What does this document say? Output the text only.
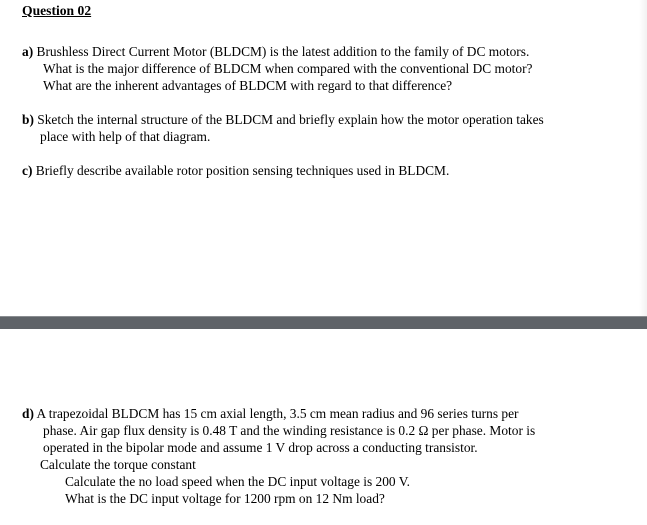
Question 02
a) Brushless Direct Current Motor (BLDCM) is the latest addition to the family of DC motors.
What is the major difference of BLDCM when compared with the conventional DC motor?
What are the inherent advantages of BLDCM with regard to that difference?
b) Sketch the internal structure of the BLDCM and briefly explain how the motor operation takes
place with help of that diagram.
c) Briefly describe available rotor position sensing techniques used in BLDCM.
d) A trapezoidal BLDCM has 15 cm axial length, 3.5 cm mean radius and 96 series turns per
phase. Air gap flux density is 0.48 T and the winding resistance is 0.2 Ω per phase. Motor is
operated in the bipolar mode and assume 1 V drop across a conducting transistor.
Calculate the torque constant
Calculate the no load speed when the DC input voltage is 200 V.
What is the DC input voltage for 1200 rpm on 12 Nm load?
